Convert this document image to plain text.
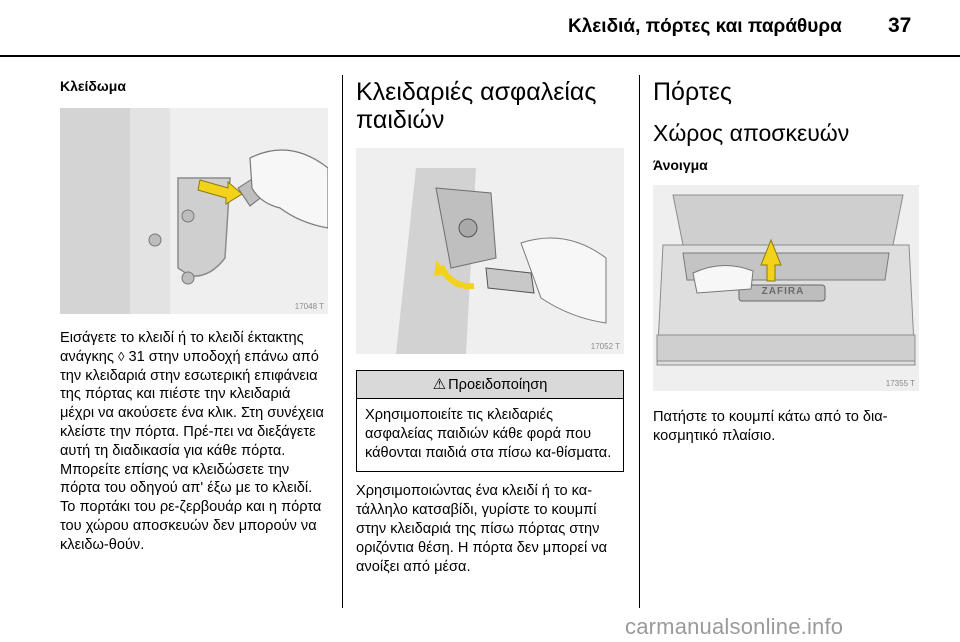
Κλειδιά, πόρτες και παράθυρα	37
Κλείδωμα
17048 T

Εισάγετε το κλειδί ή το κλειδί έκτακτης ανάγκης ◊ 31 στην υποδοχή επάνω από την κλειδαριά στην εσωτερική επιφάνεια της πόρτας και πιέστε την κλειδαριά μέχρι να ακούσετε ένα κλικ. Στη συνέχεια κλείστε την πόρτα. Πρέ-πει να διεξάγετε αυτή τη διαδικασία για κάθε πόρτα. Μπορείτε επίσης να κλειδώσετε την πόρτα του οδηγού απ' έξω με το κλειδί. Το πορτάκι του ρε-ζερβουάρ και η πόρτα του χώρου αποσκευών δεν μπορούν να κλειδω-θούν.

Κλειδαριές ασφαλείας παιδιών
17052 T
⚠ Προειδοποίηση
Χρησιμοποιείτε τις κλειδαριές ασφαλείας παιδιών κάθε φορά που κάθονται παιδιά στα πίσω κα-θίσματα.

Χρησιμοποιώντας ένα κλειδί ή το κα-τάλληλο κατσαβίδι, γυρίστε το κουμπί στην κλειδαριά της πίσω πόρτας στην οριζόντια θέση. Η πόρτα δεν μπορεί να ανοίξει από μέσα.

Πόρτες
Χώρος αποσκευών
Άνοιγμα
ZAFIRA
17355 T

Πατήστε το κουμπί κάτω από το δια-κοσμητικό πλαίσιο.

carmanualsonline.info
